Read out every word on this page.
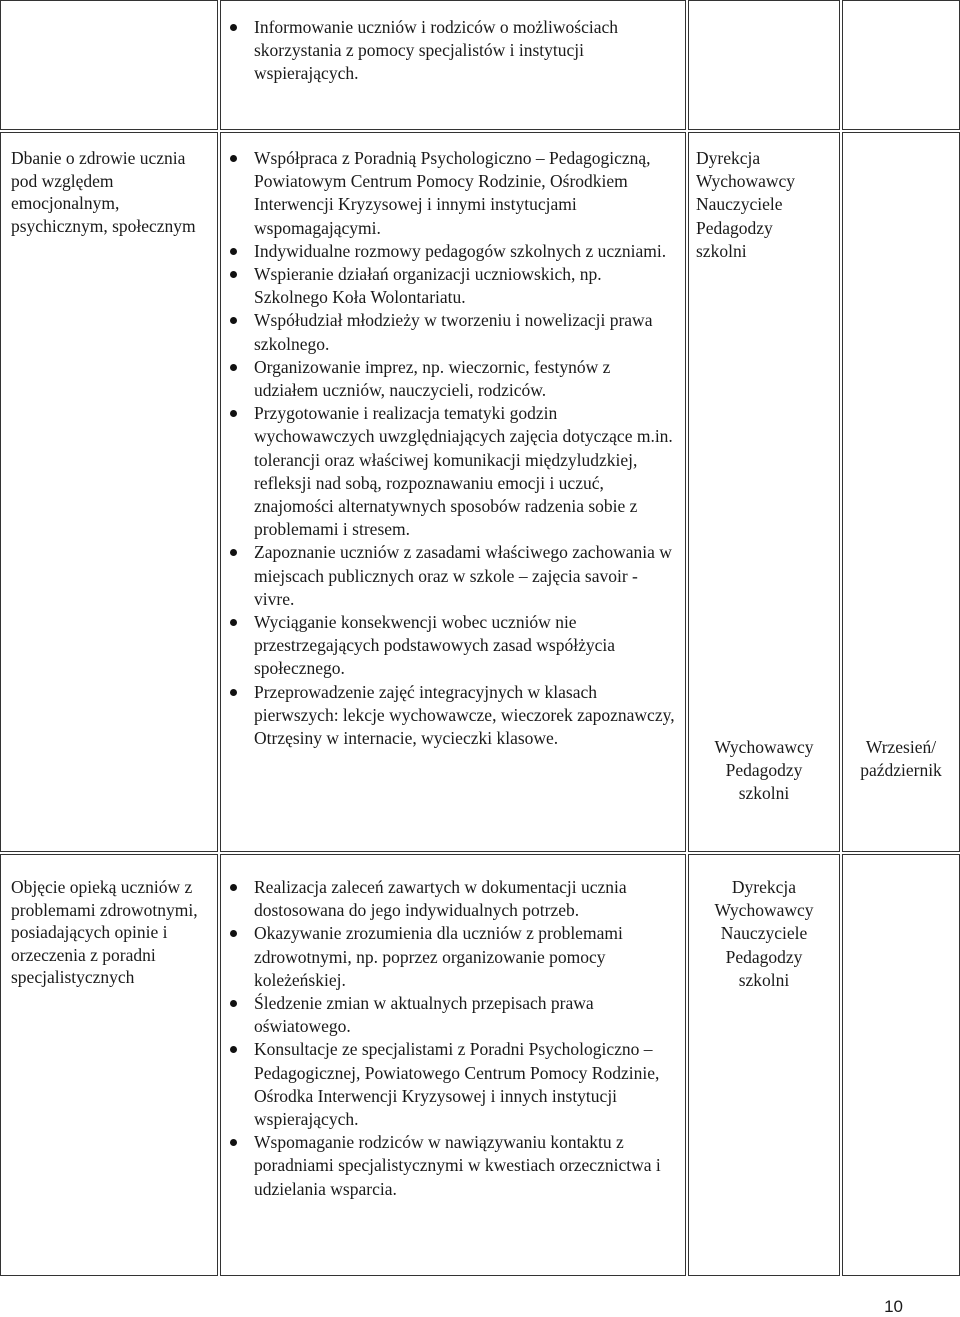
Informowanie uczniów i rodziców o możliwościach skorzystania z pomocy specjalistów i instytucji wspierających.
Dbanie o zdrowie ucznia pod względem emocjonalnym, psychicznym, społecznym
Współpraca z Poradnią Psychologiczno – Pedagogiczną, Powiatowym Centrum Pomocy Rodzinie, Ośrodkiem Interwencji Kryzysowej i innymi instytucjami wspomagającymi.
Indywidualne rozmowy pedagogów szkolnych z uczniami.
Wspieranie działań organizacji uczniowskich, np. Szkolnego Koła Wolontariatu.
Współudział młodzieży w tworzeniu i nowelizacji prawa szkolnego.
Organizowanie imprez, np. wieczornic, festynów z udziałem uczniów, nauczycieli, rodziców.
Przygotowanie i realizacja tematyki godzin wychowawczych uwzględniających zajęcia dotyczące m.in. tolerancji oraz właściwej komunikacji międzyludzkiej, refleksji nad sobą, rozpoznawaniu emocji i uczuć, znajomości alternatywnych sposobów radzenia sobie z problemami i stresem.
Zapoznanie uczniów z zasadami właściwego zachowania w miejscach publicznych oraz w szkole – zajęcia savoir - vivre.
Wyciąganie konsekwencji wobec uczniów nie przestrzegających podstawowych zasad współżycia społecznego.
Przeprowadzenie zajęć integracyjnych w klasach pierwszych: lekcje wychowawcze, wieczorek zapoznawczy, Otrzęsiny w internacie, wycieczki klasowe.
Dyrekcja
Wychowawcy
Nauczyciele
Pedagodzy
szkolni
Wychowawcy
Pedagodzy
szkolni
Wrzesień/ październik
Objęcie opieką uczniów z problemami zdrowotnymi, posiadających opinie i orzeczenia z poradni specjalistycznych
Realizacja zaleceń zawartych w dokumentacji ucznia dostosowana do jego indywidualnych potrzeb.
Okazywanie zrozumienia dla uczniów z problemami zdrowotnymi, np. poprzez organizowanie pomocy koleżeńskiej.
Śledzenie zmian w aktualnych przepisach prawa oświatowego.
Konsultacje ze specjalistami z Poradni Psychologiczno – Pedagogicznej, Powiatowego Centrum Pomocy Rodzinie, Ośrodka Interwencji Kryzysowej i innych instytucji wspierających.
Wspomaganie rodziców w nawiązywaniu kontaktu z poradniami specjalistycznymi w kwestiach orzecznictwa i udzielania wsparcia.
Dyrekcja
Wychowawcy
Nauczyciele
Pedagodzy
szkolni
10
